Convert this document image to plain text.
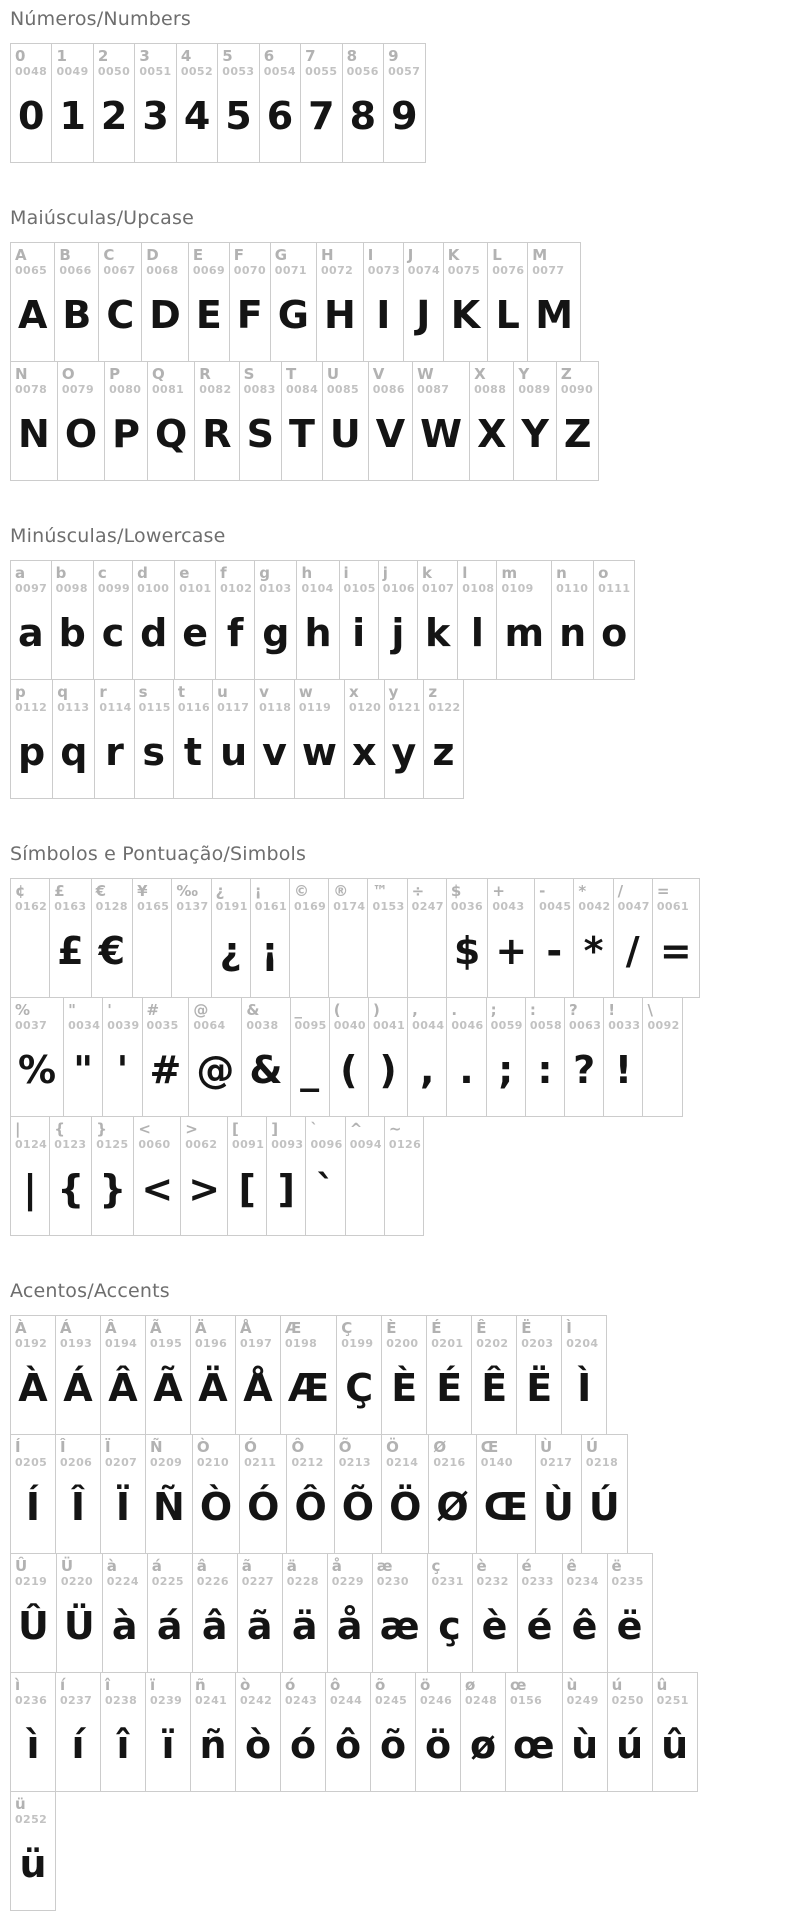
Números/Numbers
0
0048
0
1
0049
1
2
0050
2
3
0051
3
4
0052
4
5
0053
5
6
0054
6
7
0055
7
8
0056
8
9
0057
9
Maiúsculas/Upcase
A
0065
A
B
0066
B
C
0067
C
D
0068
D
E
0069
E
F
0070
F
G
0071
G
H
0072
H
I
0073
I
J
0074
J
K
0075
K
L
0076
L
M
0077
M
N
0078
N
O
0079
O
P
0080
P
Q
0081
Q
R
0082
R
S
0083
S
T
0084
T
U
0085
U
V
0086
V
W
0087
W
X
0088
X
Y
0089
Y
Z
0090
Z
Minúsculas/Lowercase
a
0097
a
b
0098
b
c
0099
c
d
0100
d
e
0101
e
f
0102
f
g
0103
g
h
0104
h
i
0105
i
j
0106
j
k
0107
k
l
0108
l
m
0109
m
n
0110
n
o
0111
o
p
0112
p
q
0113
q
r
0114
r
s
0115
s
t
0116
t
u
0117
u
v
0118
v
w
0119
w
x
0120
x
y
0121
y
z
0122
z
Símbolos e Pontuação/Simbols
¢
0162
£
0163
£
€
0128
€
¥
0165
‰
0137
¿
0191
¿
¡
0161
¡
©
0169
®
0174
™
0153
÷
0247
$
0036
$
+
0043
+
-
0045
-
*
0042
*
/
0047
/
=
0061
=
%
0037
%
"
0034
"
'
0039
'
#
0035
#
@
0064
@
&
0038
&
_
0095
_
(
0040
(
)
0041
)
,
0044
,
.
0046
.
;
0059
;
:
0058
:
?
0063
?
!
0033
!
\
0092
|
0124
|
{
0123
{
}
0125
}
<
0060
<
>
0062
>
[
0091
[
]
0093
]
`
0096
`
^
0094
~
0126
Acentos/Accents
À
0192
À
Á
0193
Á
Â
0194
Â
Ã
0195
Ã
Ä
0196
Ä
Å
0197
Å
Æ
0198
Æ
Ç
0199
Ç
È
0200
È
É
0201
É
Ê
0202
Ê
Ë
0203
Ë
Ì
0204
Ì
Í
0205
Í
Î
0206
Î
Ï
0207
Ï
Ñ
0209
Ñ
Ò
0210
Ò
Ó
0211
Ó
Ô
0212
Ô
Õ
0213
Õ
Ö
0214
Ö
Ø
0216
Ø
Œ
0140
Œ
Ù
0217
Ù
Ú
0218
Ú
Û
0219
Û
Ü
0220
Ü
à
0224
à
á
0225
á
â
0226
â
ã
0227
ã
ä
0228
ä
å
0229
å
æ
0230
æ
ç
0231
ç
è
0232
è
é
0233
é
ê
0234
ê
ë
0235
ë
ì
0236
ì
í
0237
í
î
0238
î
ï
0239
ï
ñ
0241
ñ
ò
0242
ò
ó
0243
ó
ô
0244
ô
õ
0245
õ
ö
0246
ö
ø
0248
ø
œ
0156
œ
ù
0249
ù
ú
0250
ú
û
0251
û
ü
0252
ü
